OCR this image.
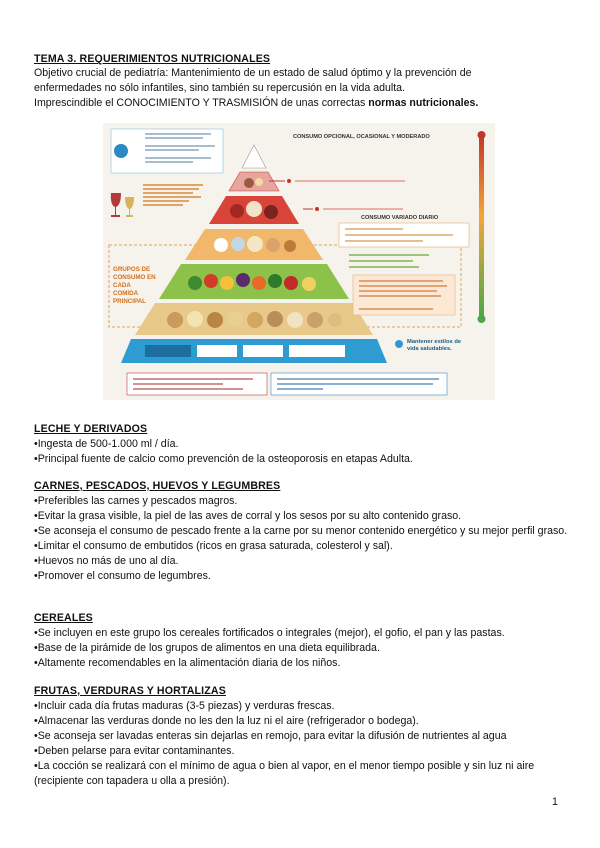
TEMA 3. REQUERIMIENTOS NUTRICIONALES
Objetivo crucial de pediatría: Mantenimiento de un estado de salud óptimo y la prevención de
enfermedades no sólo infantiles, sino también su repercusión en la vida adulta.
Imprescindible el CONOCIMIENTO Y TRASMISIÓN de unas correctas normas nutricionales.
GRUPOS DE CONSUMO EN CADA COMIDA PRINCIPAL
CONSUMO OPCIONAL, OCASIONAL Y MODERADO
CONSUMO VARIADO DIARIO
Mantener estilos de vida saludables.
LECHE Y DERIVADOS
• Ingesta de 500-1.000 ml / día.
• Principal fuente de calcio como prevención de la osteoporosis en etapas Adulta.
CARNES, PESCADOS, HUEVOS Y LEGUMBRES
• Preferibles las carnes y pescados magros.
• Evitar la grasa visible, la piel de las aves de corral y los sesos por su alto contenido graso.
• Se aconseja el consumo de pescado frente a la carne por su menor contenido energético y su mejor perfil graso.
• Limitar el consumo de embutidos (ricos en grasa saturada, colesterol y sal).
• Huevos no más de uno al día.
• Promover el consumo de legumbres.
CEREALES
• Se incluyen en este grupo los cereales fortificados o integrales (mejor), el gofio, el pan y las pastas.
• Base de la pirámide de los grupos de alimentos en una dieta equilibrada.
• Altamente recomendables en la alimentación diaria de los niños.
FRUTAS, VERDURAS Y HORTALIZAS
• Incluir cada día frutas maduras (3-5 piezas) y verduras frescas.
• Almacenar las verduras donde no les den la luz ni el aire (refrigerador o bodega).
• Se aconseja ser lavadas enteras sin dejarlas en remojo, para evitar la difusión de nutrientes al agua
• Deben pelarse para evitar contaminantes.
• La cocción se realizará con el mínimo de agua o bien al vapor, en el menor tiempo posible y sin luz ni aire (recipiente con tapadera u olla a presión).
1
